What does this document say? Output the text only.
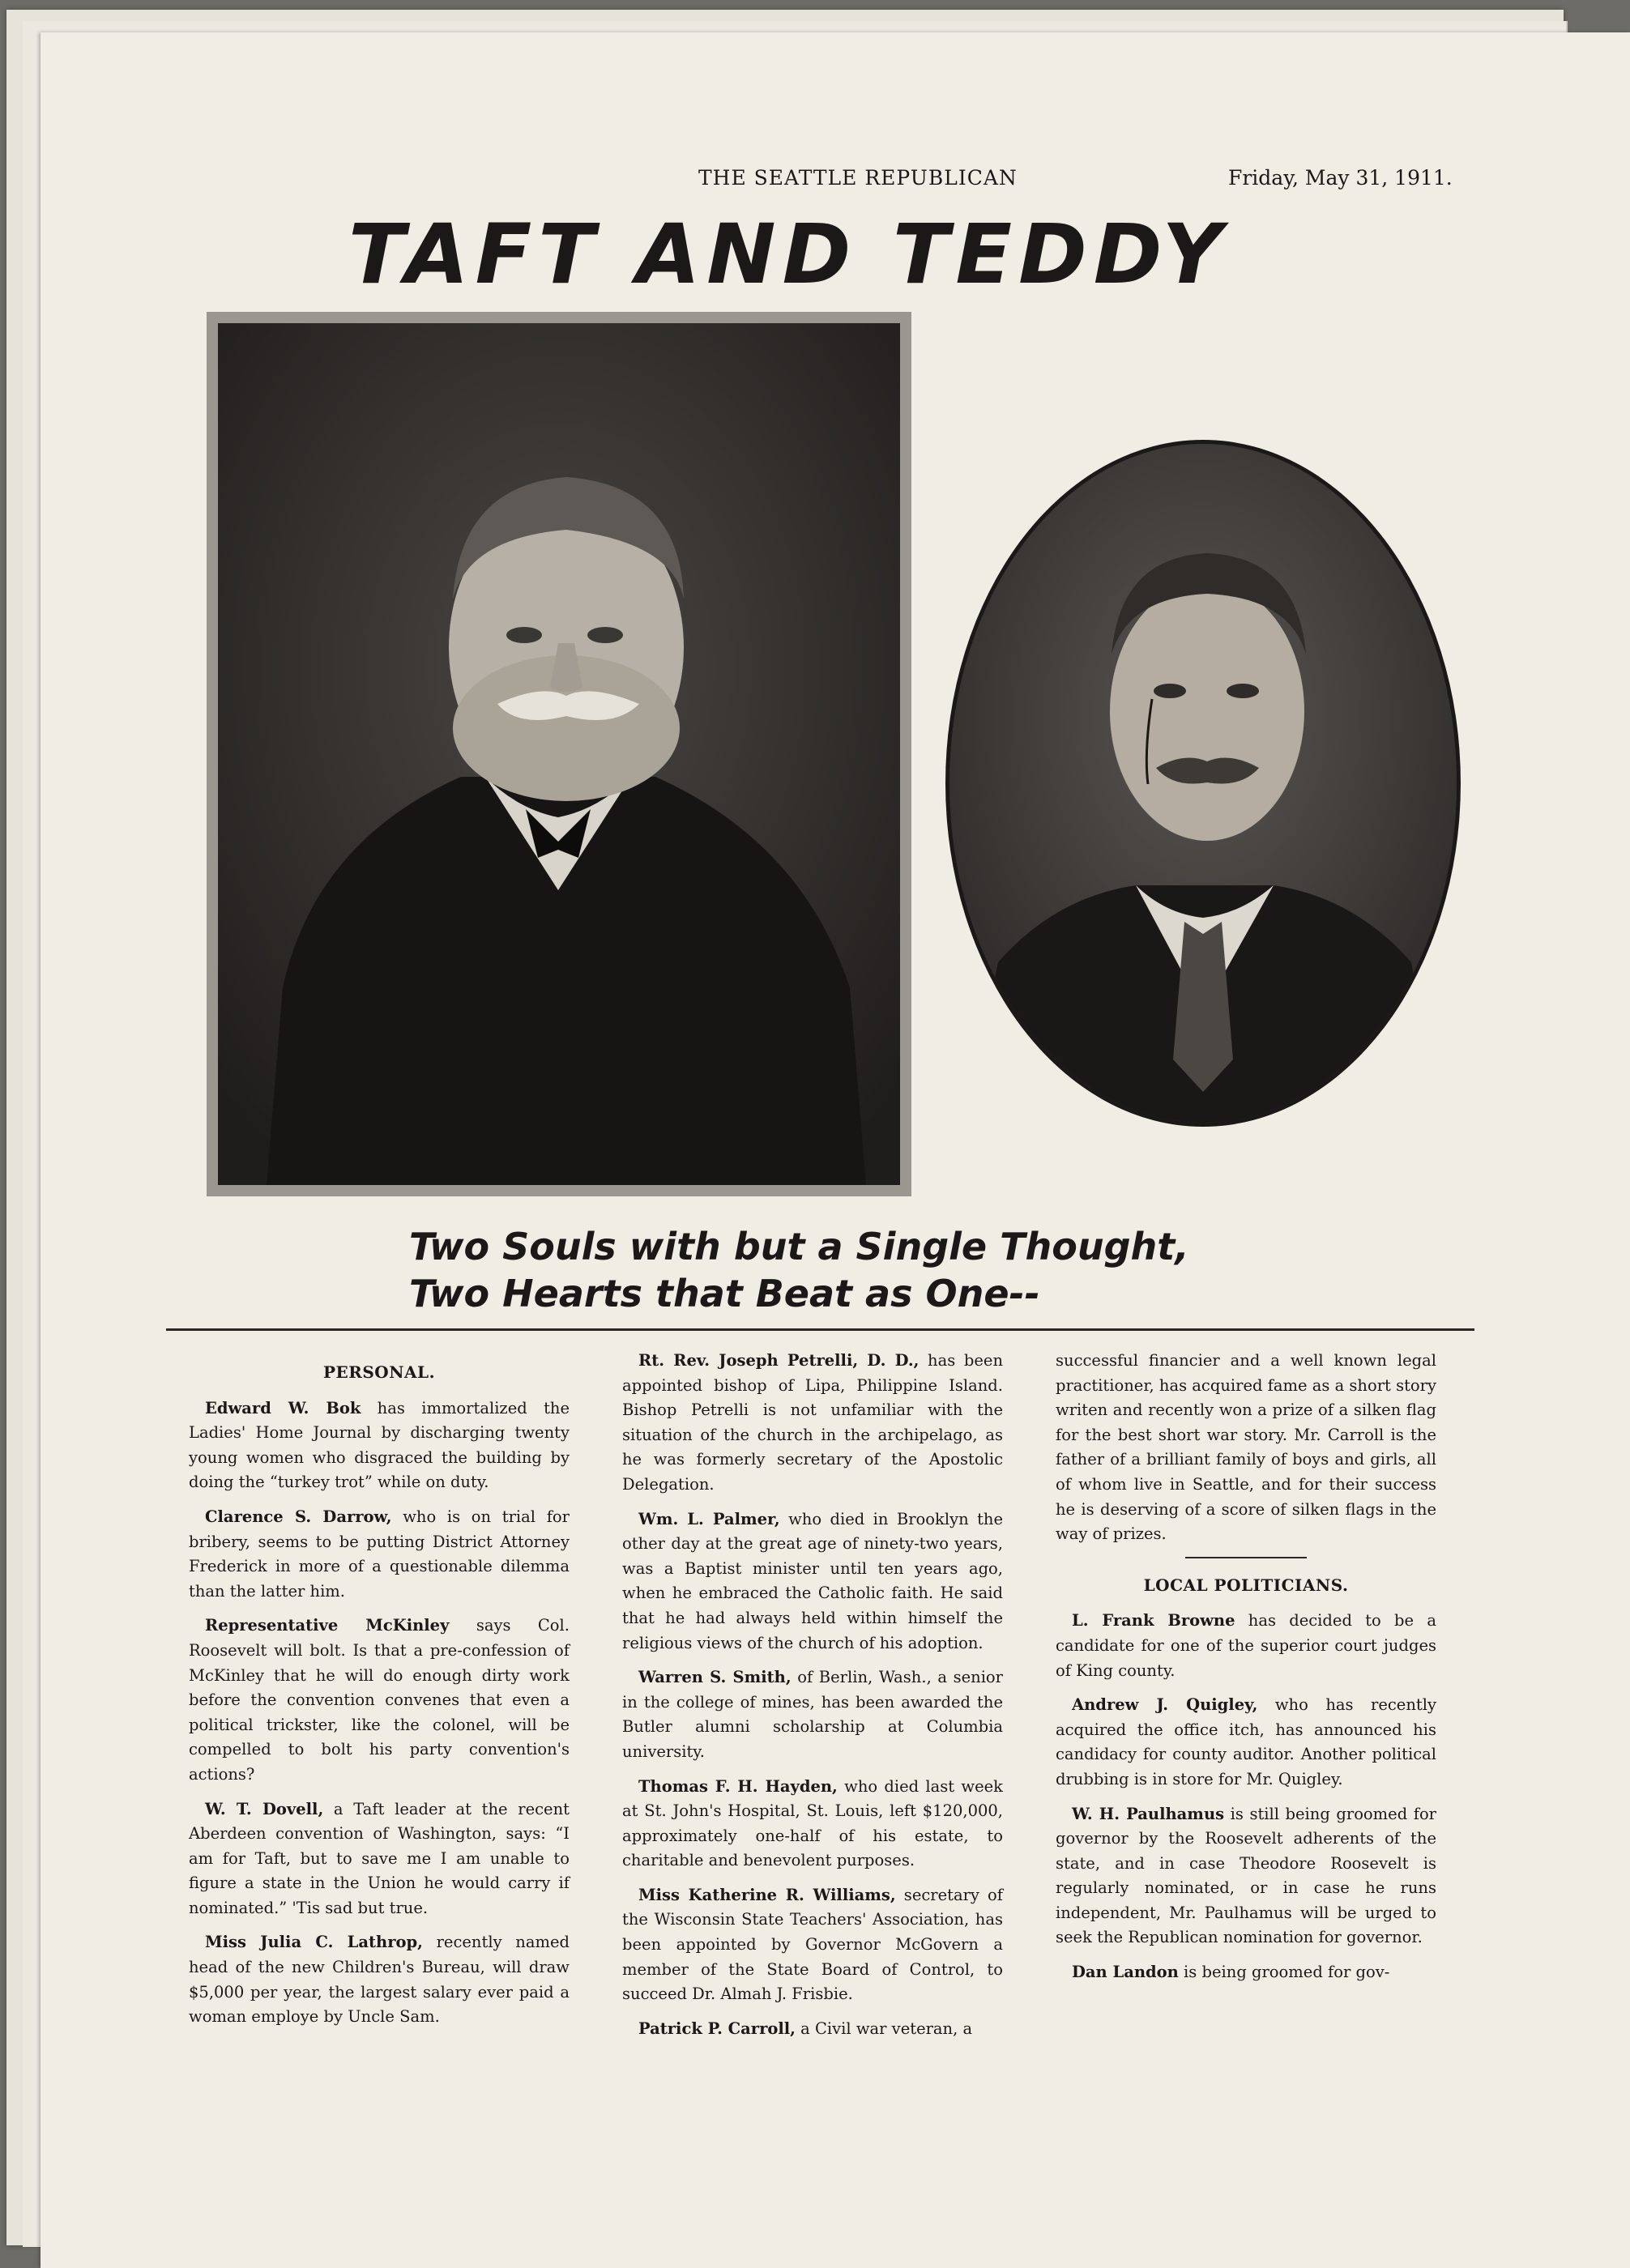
THE SEATTLE REPUBLICAN	Friday, May 31, 1911.
TAFT AND TEDDY
Two Souls with but a Single Thought,
Two Hearts that Beat as One--
PERSONAL.

Edward W. Bok has immortalized the Ladies' Home Journal by discharging twenty young women who disgraced the building by doing the “turkey trot” while on duty.

Clarence S. Darrow, who is on trial for bribery, seems to be putting District Attorney Frederick in more of a questionable dilemma than the latter him.

Representative McKinley says Col. Roosevelt will bolt. Is that a pre-confession of McKinley that he will do enough dirty work before the convention convenes that even a political trickster, like the colonel, will be compelled to bolt his party convention's actions?

W. T. Dovell, a Taft leader at the recent Aberdeen convention of Washington, says: “I am for Taft, but to save me I am unable to figure a state in the Union he would carry if nominated.” 'Tis sad but true.

Miss Julia C. Lathrop, recently named head of the new Children's Bureau, will draw $5,000 per year, the largest salary ever paid a woman employe by Uncle Sam.

Rt. Rev. Joseph Petrelli, D. D., has been appointed bishop of Lipa, Philippine Island. Bishop Petrelli is not unfamiliar with the situation of the church in the archipelago, as he was formerly secretary of the Apostolic Delegation.

Wm. L. Palmer, who died in Brooklyn the other day at the great age of ninety-two years, was a Baptist minister until ten years ago, when he embraced the Catholic faith. He said that he had always held within himself the religious views of the church of his adoption.

Warren S. Smith, of Berlin, Wash., a senior in the college of mines, has been awarded the Butler alumni scholarship at Columbia university.

Thomas F. H. Hayden, who died last week at St. John's Hospital, St. Louis, left $120,000, approximately one-half of his estate, to charitable and benevolent purposes.

Miss Katherine R. Williams, secretary of the Wisconsin State Teachers' Association, has been appointed by Governor McGovern a member of the State Board of Control, to succeed Dr. Almah J. Frisbie.

Patrick P. Carroll, a Civil war veteran, a

successful financier and a well known legal practitioner, has acquired fame as a short story writen and recently won a prize of a silken flag for the best short war story. Mr. Carroll is the father of a brilliant family of boys and girls, all of whom live in Seattle, and for their success he is deserving of a score of silken flags in the way of prizes.

LOCAL POLITICIANS.

L. Frank Browne has decided to be a candidate for one of the superior court judges of King county.

Andrew J. Quigley, who has recently acquired the office itch, has announced his candidacy for county auditor. Another political drubbing is in store for Mr. Quigley.

W. H. Paulhamus is still being groomed for governor by the Roosevelt adherents of the state, and in case Theodore Roosevelt is regularly nominated, or in case he runs independent, Mr. Paulhamus will be urged to seek the Republican nomination for governor.

Dan Landon is being groomed for gov-
